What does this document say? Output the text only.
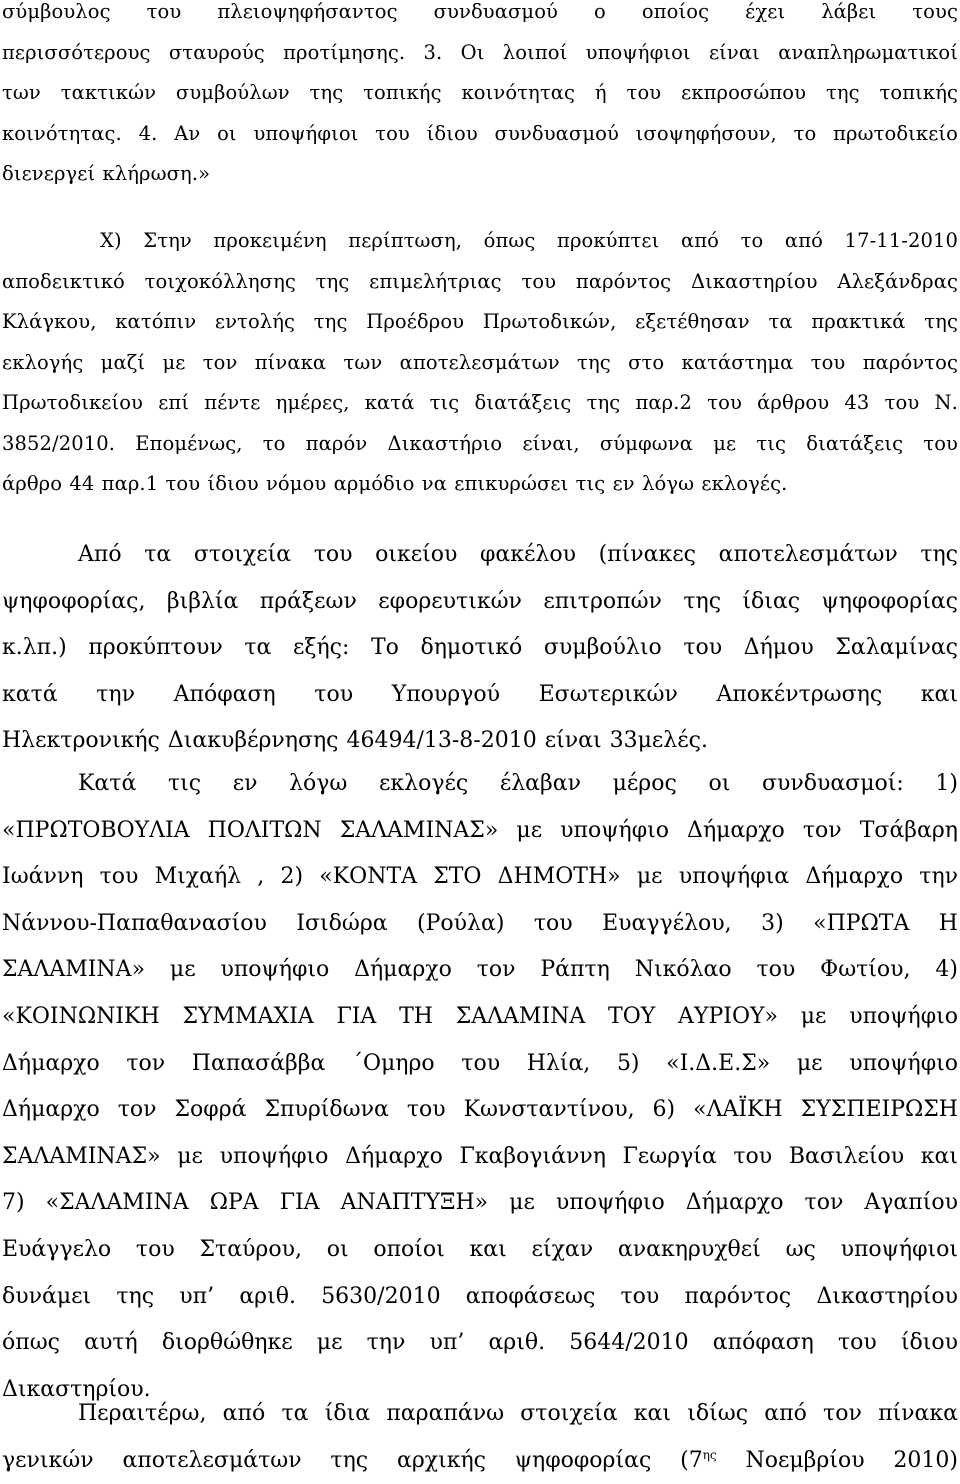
σύμβουλος του πλειοψηφήσαντος συνδυασμού ο οποίος έχει λάβει τους
περισσότερους σταυρούς προτίμησης. 3. Οι λοιποί υποψήφιοι είναι αναπληρωματικοί
των τακτικών συμβούλων της τοπικής κοινότητας ή του εκπροσώπου της τοπικής
κοινότητας. 4. Αν οι υποψήφιοι του ίδιου συνδυασμού ισοψηφήσουν, το πρωτοδικείο
διενεργεί κλήρωση.»
Χ) Στην προκειμένη περίπτωση, όπως προκύπτει από το από 17-11-2010
αποδεικτικό τοιχοκόλλησης της επιμελήτριας του παρόντος Δικαστηρίου Αλεξάνδρας
Κλάγκου, κατόπιν εντολής της Προέδρου Πρωτοδικών, εξετέθησαν τα πρακτικά της
εκλογής μαζί με τον πίνακα των αποτελεσμάτων της στο κατάστημα του παρόντος
Πρωτοδικείου επί πέντε ημέρες, κατά τις διατάξεις της παρ.2 του άρθρου 43 του Ν.
3852/2010. Επομένως, το παρόν Δικαστήριο είναι, σύμφωνα με τις διατάξεις του
άρθρο 44 παρ.1 του ίδιου νόμου αρμόδιο να επικυρώσει τις εν λόγω εκλογές.
Από τα στοιχεία του οικείου φακέλου (πίνακες αποτελεσμάτων της
ψηφοφορίας, βιβλία πράξεων εφορευτικών επιτροπών της ίδιας ψηφοφορίας
κ.λπ.) προκύπτουν τα εξής: Το δημοτικό συμβούλιο του Δήμου Σαλαμίνας
κατά την Απόφαση του Υπουργού Εσωτερικών Αποκέντρωσης και
Ηλεκτρονικής Διακυβέρνησης 46494/13-8-2010 είναι 33μελές.
Κατά τις εν λόγω εκλογές έλαβαν μέρος οι συνδυασμοί: 1)
«ΠΡΩΤΟΒΟΥΛΙΑ ΠΟΛΙΤΩΝ ΣΑΛΑΜΙΝΑΣ» με υποψήφιο Δήμαρχο τον Τσάβαρη
Ιωάννη του Μιχαήλ , 2) «ΚΟΝΤΑ ΣΤΟ ΔΗΜΟΤΗ» με υποψήφια Δήμαρχο την
Νάννου-Παπαθανασίου Ισιδώρα (Ρούλα) του Ευαγγέλου, 3) «ΠΡΩΤΑ Η
ΣΑΛΑΜΙΝΑ» με υποψήφιο Δήμαρχο τον Ράπτη Νικόλαο του Φωτίου, 4)
«ΚΟΙΝΩΝΙΚΗ ΣΥΜΜΑΧΙΑ ΓΙΑ ΤΗ ΣΑΛΑΜΙΝΑ ΤΟΥ ΑΥΡΙΟΥ» με υποψήφιο
Δήμαρχο τον Παπασάββα ΄Ομηρο του Ηλία, 5) «Ι.Δ.Ε.Σ» με υποψήφιο
Δήμαρχο τον Σοφρά Σπυρίδωνα του Κωνσταντίνου, 6) «ΛΑΪΚΗ ΣΥΣΠΕΙΡΩΣΗ
ΣΑΛΑΜΙΝΑΣ» με υποψήφιο Δήμαρχο Γκαβογιάννη Γεωργία του Βασιλείου και
7) «ΣΑΛΑΜΙΝΑ ΩΡΑ ΓΙΑ ΑΝΑΠΤΥΞΗ» με υποψήφιο Δήμαρχο τον Αγαπίου
Ευάγγελο του Σταύρου, οι οποίοι και είχαν ανακηρυχθεί ως υποψήφιοι
δυνάμει της υπ’ αριθ. 5630/2010 αποφάσεως του παρόντος Δικαστηρίου
όπως αυτή διορθώθηκε με την υπ’ αριθ. 5644/2010 απόφαση του ίδιου
Δικαστηρίου.
Περαιτέρω, από τα ίδια παραπάνω στοιχεία και ιδίως από τον πίνακα
γενικών αποτελεσμάτων της αρχικής ψηφοφορίας ($7^{\eta\varsigma}$ Νοεμβρίου 2010)
